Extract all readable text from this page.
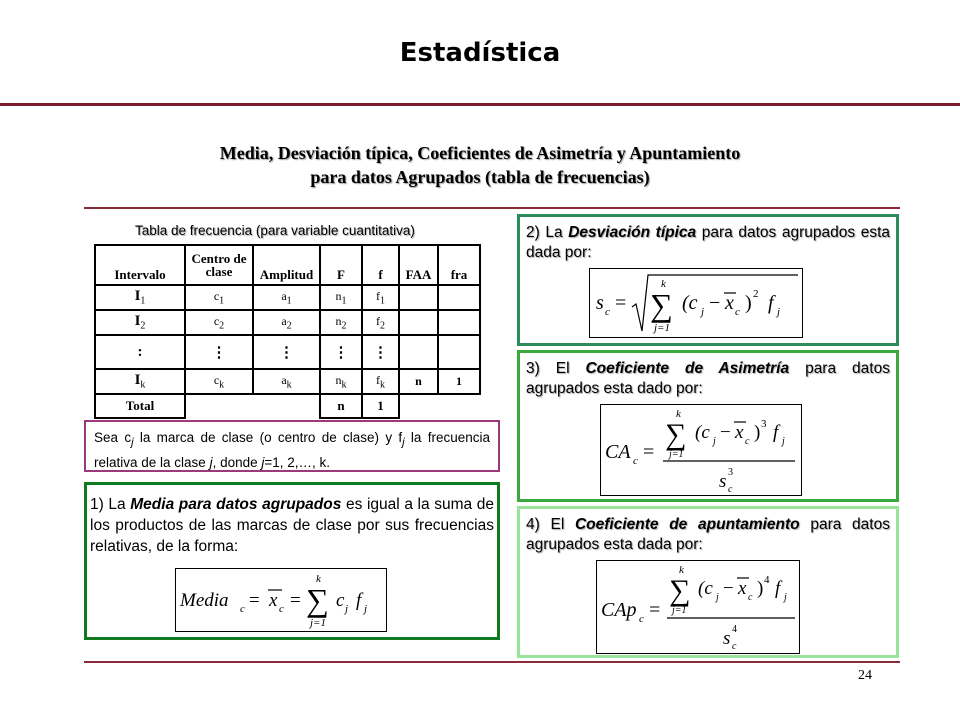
Estadística
Media, Desviación típica, Coeficientes de Asimetría y Apuntamiento
para datos Agrupados (tabla de frecuencias)
Tabla de frecuencia (para variable cuantitativa)
Intervalo	Centro de clase	Amplitud	F	f	FAA	fra
$I_1$	$c_1$	$a_1$	$n_1$	$f_1$		
$I_2$	$c_2$	$a_2$	$n_2$	$f_2$		
:	⋮	⋮	⋮	⋮		
$I_k$	$c_k$	$a_k$	$n_k$	$f_k$	n	1
Total			n	1		
Sea $c_j$ la marca de clase (o centro de clase) y $f_j$ la frecuencia relativa de la clase j, donde j=1, 2,…, k.
1) La Media para datos agrupados es igual a la suma de los productos de las marcas de clase por sus frecuencias relativas, de la forma:
Media c = x c =
k
∑
j=1
c j f j
2) La Desviación típica para datos agrupados esta dada por:
s c =
k
∑
j=1
(c j − x c ) 2 f j
3) El Coeficiente de Asimetría para datos agrupados esta dado por:
CA c =
k
∑
j=1
(c j − x c ) 3 f j
s c
3
4) El Coeficiente de apuntamiento para datos agrupados esta dada por:
CAp c =
k
∑
j=1
(c j − x c ) 4 f j
s c
4
24
